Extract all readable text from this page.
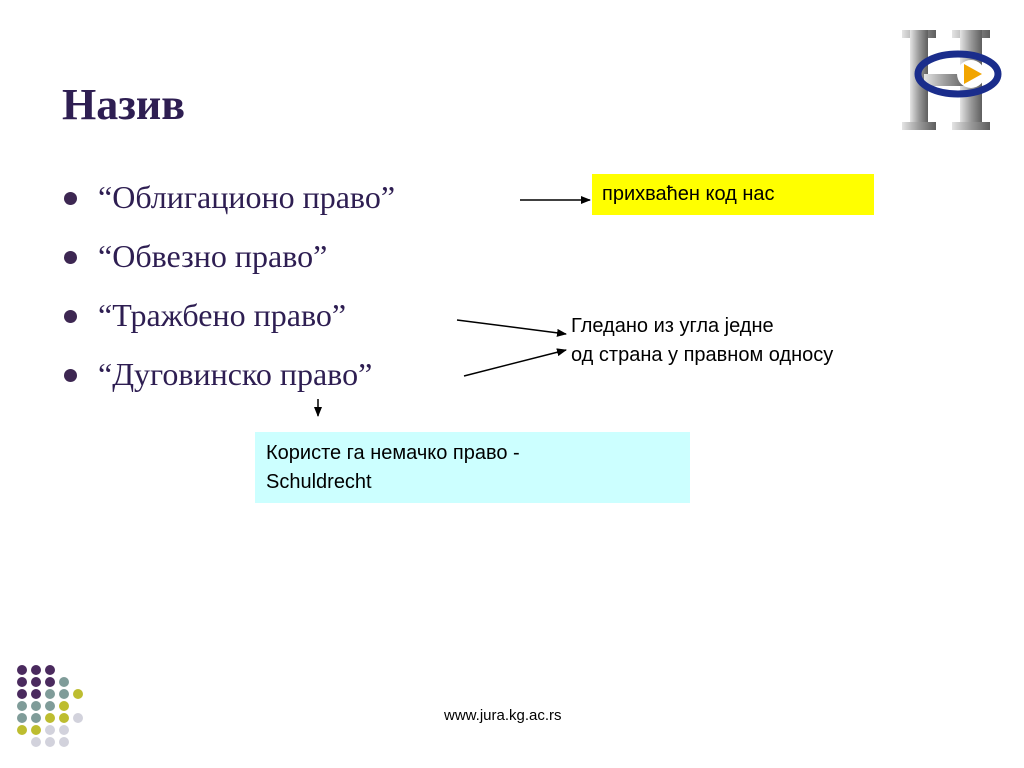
Назив
“Облигационо право”
“Обвезно право”
“Тражбено право”
“Дуговинско право”
прихваћен код нас
Гледано из угла једне
од страна у правном односу
Користе га немачко право -
Schuldrecht
www.jura.kg.ac.rs
